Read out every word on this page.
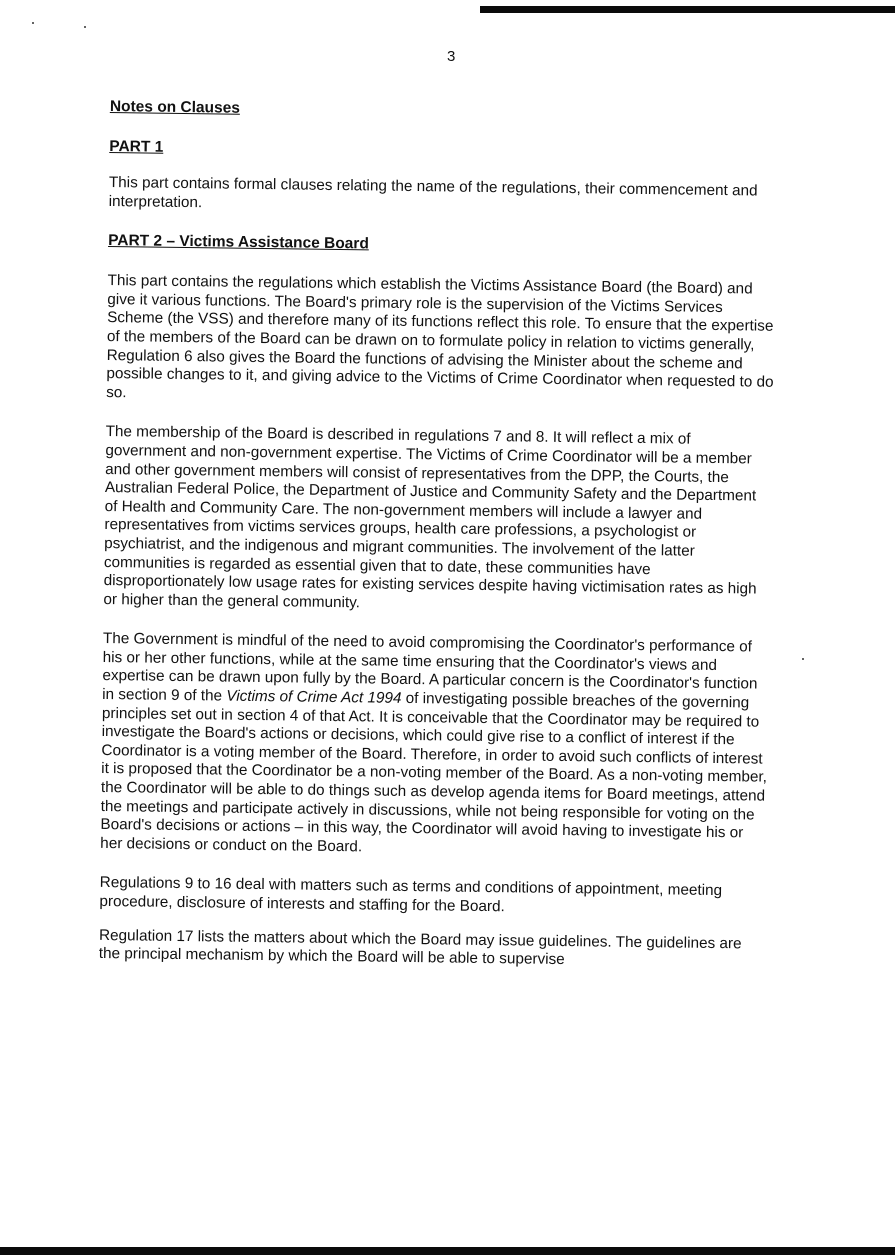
3
Notes on Clauses
PART 1

This part contains formal clauses relating the name of the regulations, their commencement and interpretation.

PART 2 – Victims Assistance Board

This part contains the regulations which establish the Victims Assistance Board (the Board) and give it various functions. The Board's primary role is the supervision of the Victims Services Scheme (the VSS) and therefore many of its functions reflect this role. To ensure that the expertise of the members of the Board can be drawn on to formulate policy in relation to victims generally, Regulation 6 also gives the Board the functions of advising the Minister about the scheme and possible changes to it, and giving advice to the Victims of Crime Coordinator when requested to do so.

The membership of the Board is described in regulations 7 and 8. It will reflect a mix of government and non-government expertise. The Victims of Crime Coordinator will be a member and other government members will consist of representatives from the DPP, the Courts, the Australian Federal Police, the Department of Justice and Community Safety and the Department of Health and Community Care. The non-government members will include a lawyer and representatives from victims services groups, health care professions, a psychologist or psychiatrist, and the indigenous and migrant communities. The involvement of the latter communities is regarded as essential given that to date, these communities have disproportionately low usage rates for existing services despite having victimisation rates as high or higher than the general community.

The Government is mindful of the need to avoid compromising the Coordinator's performance of his or her other functions, while at the same time ensuring that the Coordinator's views and expertise can be drawn upon fully by the Board. A particular concern is the Coordinator's function in section 9 of the Victims of Crime Act 1994 of investigating possible breaches of the governing principles set out in section 4 of that Act. It is conceivable that the Coordinator may be required to investigate the Board's actions or decisions, which could give rise to a conflict of interest if the Coordinator is a voting member of the Board. Therefore, in order to avoid such conflicts of interest it is proposed that the Coordinator be a non-voting member of the Board. As a non-voting member, the Coordinator will be able to do things such as develop agenda items for Board meetings, attend the meetings and participate actively in discussions, while not being responsible for voting on the Board's decisions or actions – in this way, the Coordinator will avoid having to investigate his or her decisions or conduct on the Board.

Regulations 9 to 16 deal with matters such as terms and conditions of appointment, meeting procedure, disclosure of interests and staffing for the Board.

Regulation 17 lists the matters about which the Board may issue guidelines. The guidelines are the principal mechanism by which the Board will be able to supervise
